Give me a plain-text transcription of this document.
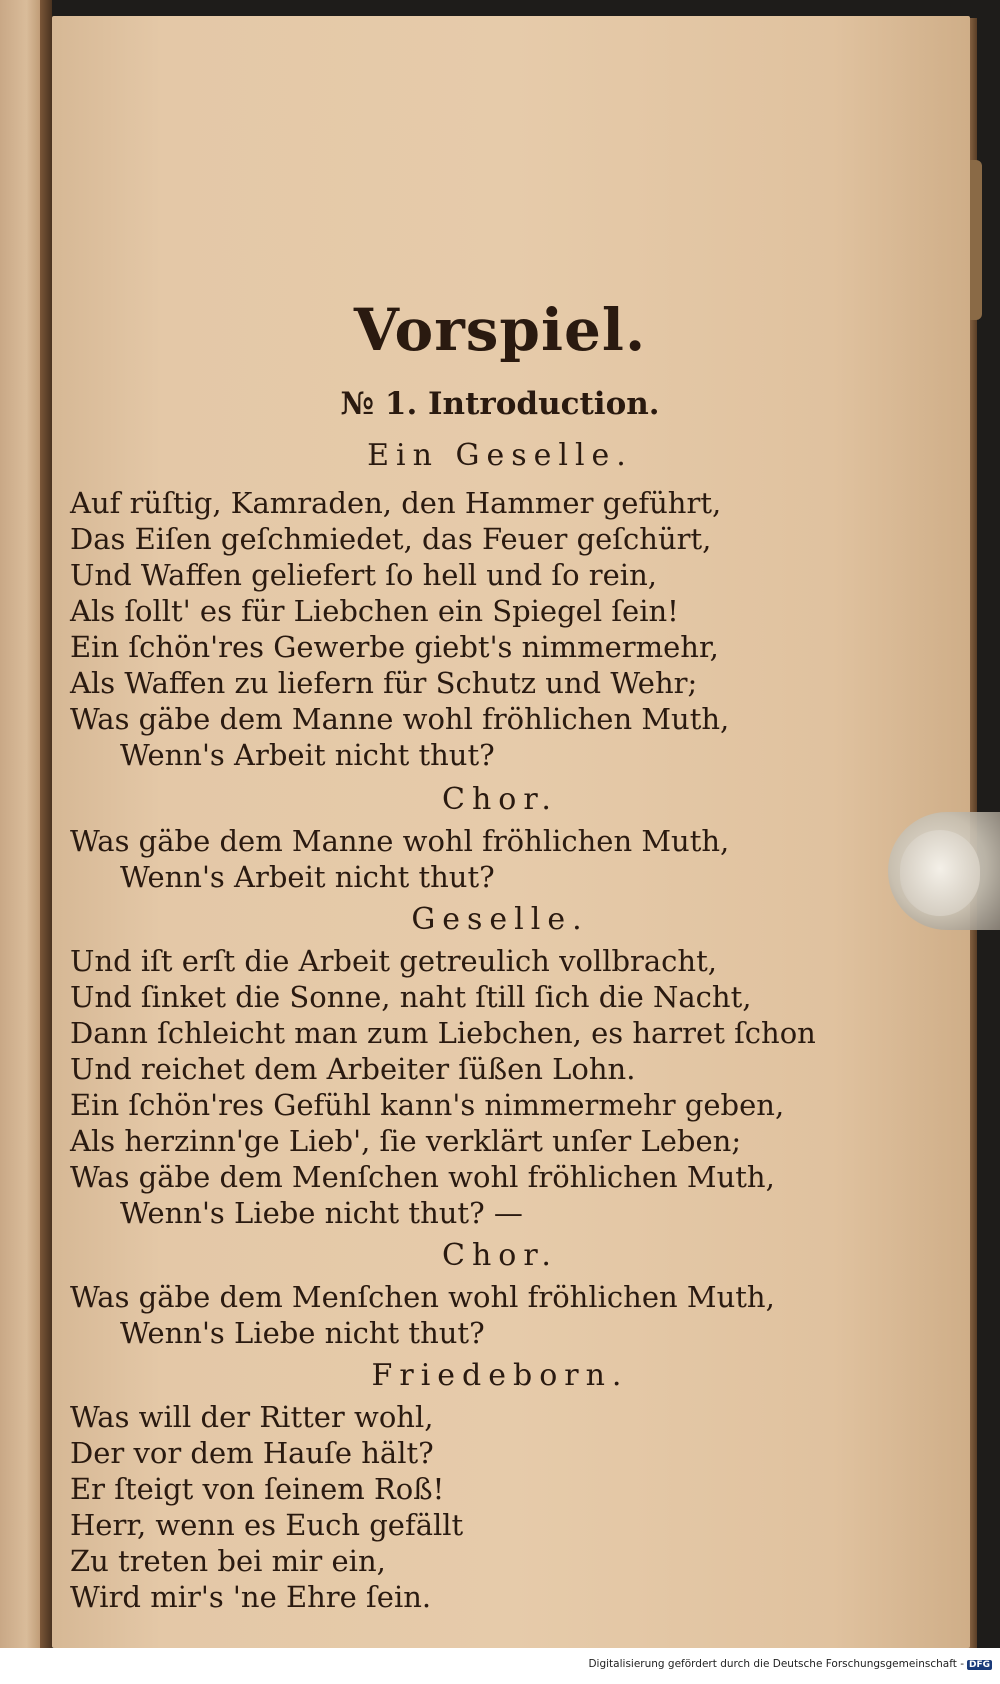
Vorspiel.
№ 1. Introduction.
Ein Geselle.
Auf rüſtig, Kamraden, den Hammer geführt,
Das Eiſen geſchmiedet, das Feuer geſchürt,
Und Waffen geliefert ſo hell und ſo rein,
Als ſollt' es für Liebchen ein Spiegel ſein!
Ein ſchön'res Gewerbe giebt's nimmermehr,
Als Waffen zu liefern für Schutz und Wehr;
Was gäbe dem Manne wohl fröhlichen Muth,
Wenn's Arbeit nicht thut?
Chor.
Was gäbe dem Manne wohl fröhlichen Muth,
Wenn's Arbeit nicht thut?
Geselle.
Und iſt erſt die Arbeit getreulich vollbracht,
Und ſinket die Sonne, naht ſtill ſich die Nacht,
Dann ſchleicht man zum Liebchen, es harret ſchon
Und reichet dem Arbeiter ſüßen Lohn.
Ein ſchön'res Gefühl kann's nimmermehr geben,
Als herzinn'ge Lieb', ſie verklärt unſer Leben;
Was gäbe dem Menſchen wohl fröhlichen Muth,
Wenn's Liebe nicht thut? —
Chor.
Was gäbe dem Menſchen wohl fröhlichen Muth,
Wenn's Liebe nicht thut?
Friedeborn.
Was will der Ritter wohl,
Der vor dem Hauſe hält?
Er ſteigt von ſeinem Roß!
Herr, wenn es Euch gefällt
Zu treten bei mir ein,
Wird mir's 'ne Ehre ſein.
Digitalisierung gefördert durch die Deutsche Forschungsgemeinschaft - DFG
